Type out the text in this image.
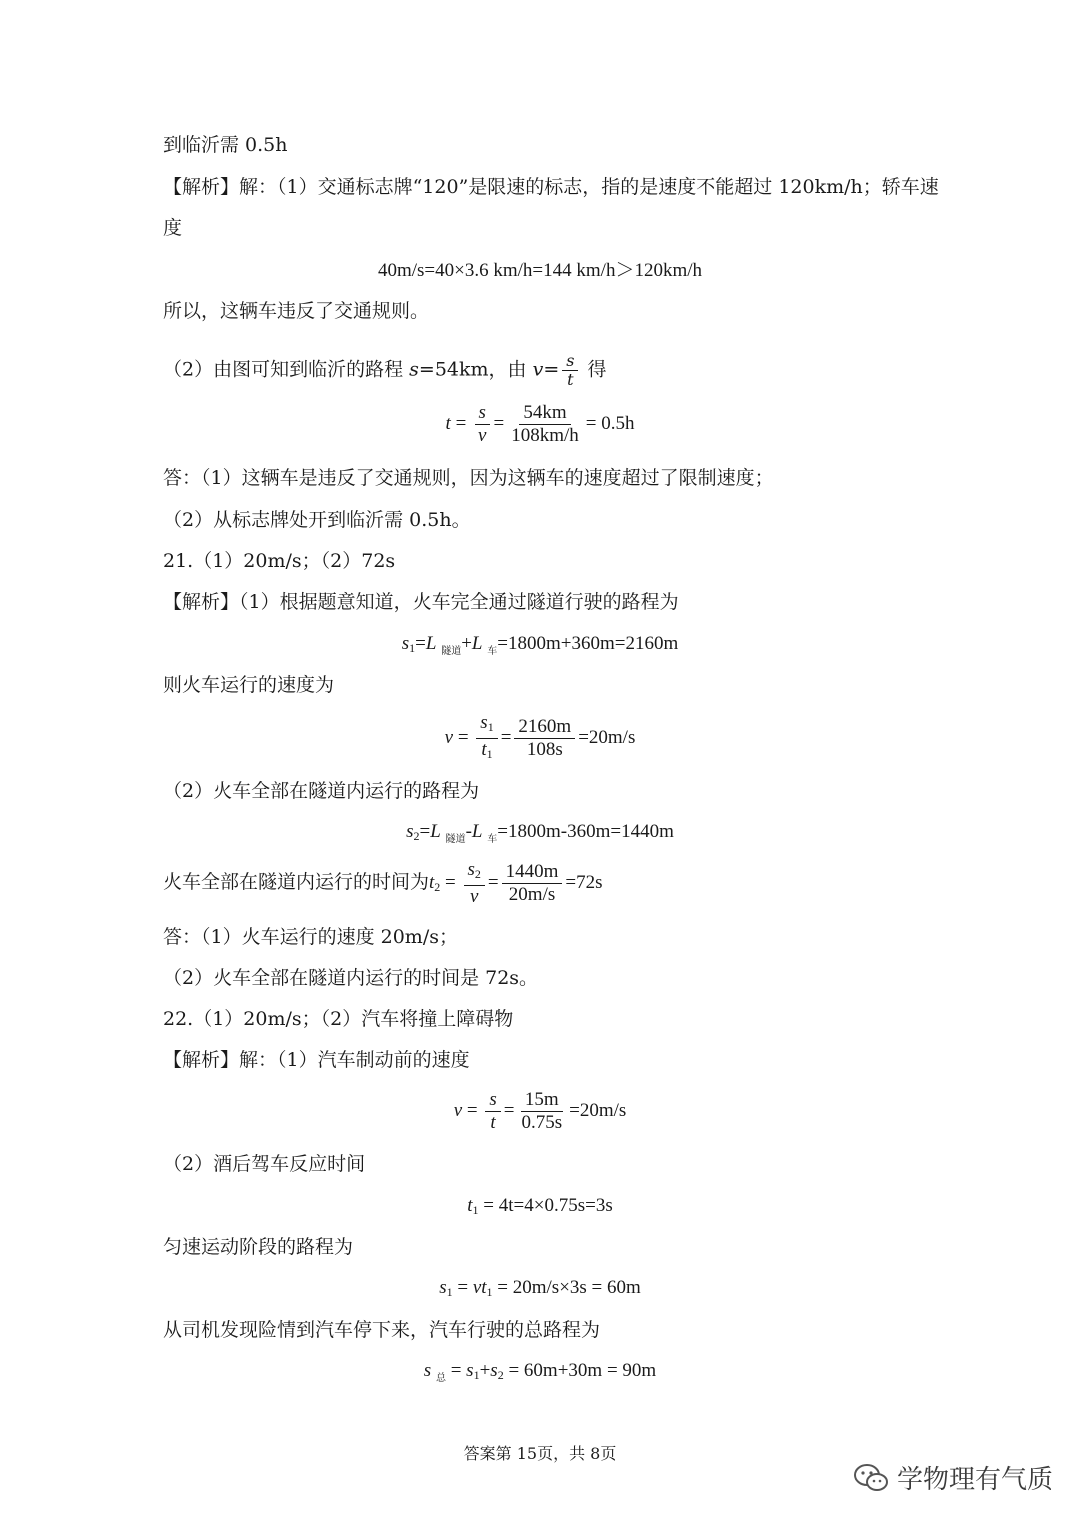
到临沂需 0.5h
【解析】解：（1）交通标志牌“120”是限速的标志，指的是速度不能超过 120km/h；轿车速
度
40m/s=40×3.6 km/h=144 km/h＞120km/h
所以，这辆车违反了交通规则。
（2）由图可知到临沂的路程 s=54km，由 $v= \frac{s}{t}$ 得
$t = \frac{s}{v} = \frac{54km}{108km/h} = 0.5h$
答：（1）这辆车是违反了交通规则，因为这辆车的速度超过了限制速度；
（2）从标志牌处开到临沂需 0.5h。
21.（1）20m/s；（2）72s
【解析】（1）根据题意知道，火车完全通过隧道行驶的路程为
$s_1=L$ $_{隧道}$+L $_车$=1800m+360m=2160m
则火车运行的速度为
$v = \frac{s_1}{t_1} = \frac{2160m}{108s} =20m/s$
（2）火车全部在隧道内运行的路程为
$s_2=L$ $_{隧道}$-L $_车$=1800m-360m=1440m
火车全部在隧道内运行的时间为$t_2 = \frac{s_2}{v} = \frac{1440m}{20m/s} =72s$
答：（1）火车运行的速度 20m/s；
（2）火车全部在隧道内运行的时间是 72s。
22.（1）20m/s；（2）汽车将撞上障碍物
【解析】解：（1）汽车制动前的速度
$v = \frac{s}{t} = \frac{15m}{0.75s} =20m/s$
（2）酒后驾车反应时间
$t_1 = 4t=4\times 0.75s=3s$
匀速运动阶段的路程为
$s_1 = vt_1 = 20m/s\times 3s = 60m$
从司机发现险情到汽车停下来，汽车行驶的总路程为
s $_总 = s_1+s_2 = 60m+30m = 90m$
答案第 15页，共 8页
学物理有气质
